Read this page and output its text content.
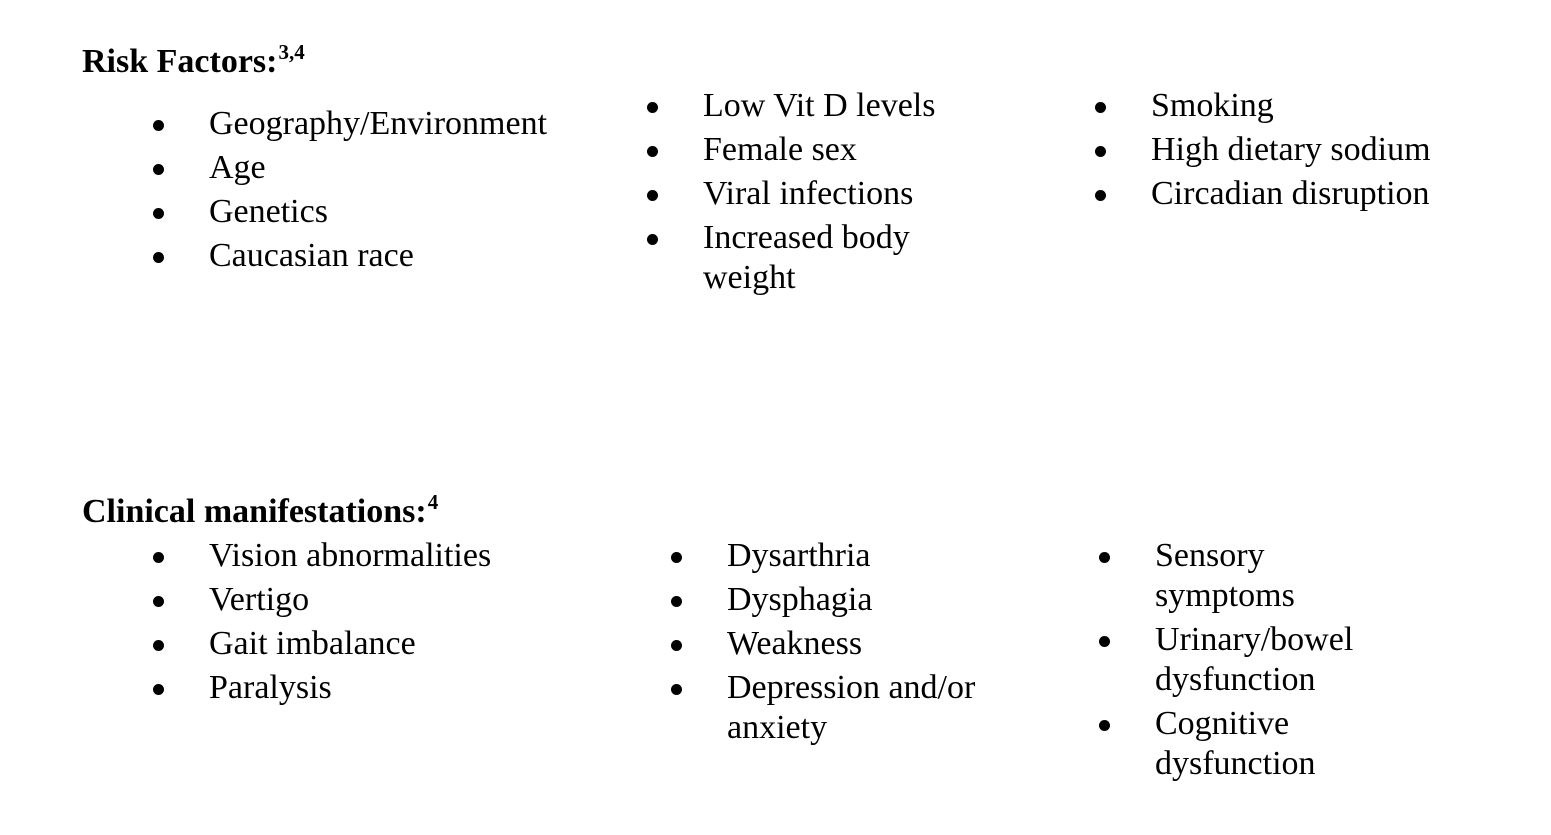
Risk Factors:$^{3,4}$
Geography/Environment
Age
Genetics
Caucasian race
Low Vit D levels
Female sex
Viral infections
Increased body weight
Smoking
High dietary sodium
Circadian disruption
Clinical manifestations:$^4$
Vision abnormalities
Vertigo
Gait imbalance
Paralysis
Dysarthria
Dysphagia
Weakness
Depression and/or anxiety
Sensory symptoms
Urinary/bowel dysfunction
Cognitive dysfunction
